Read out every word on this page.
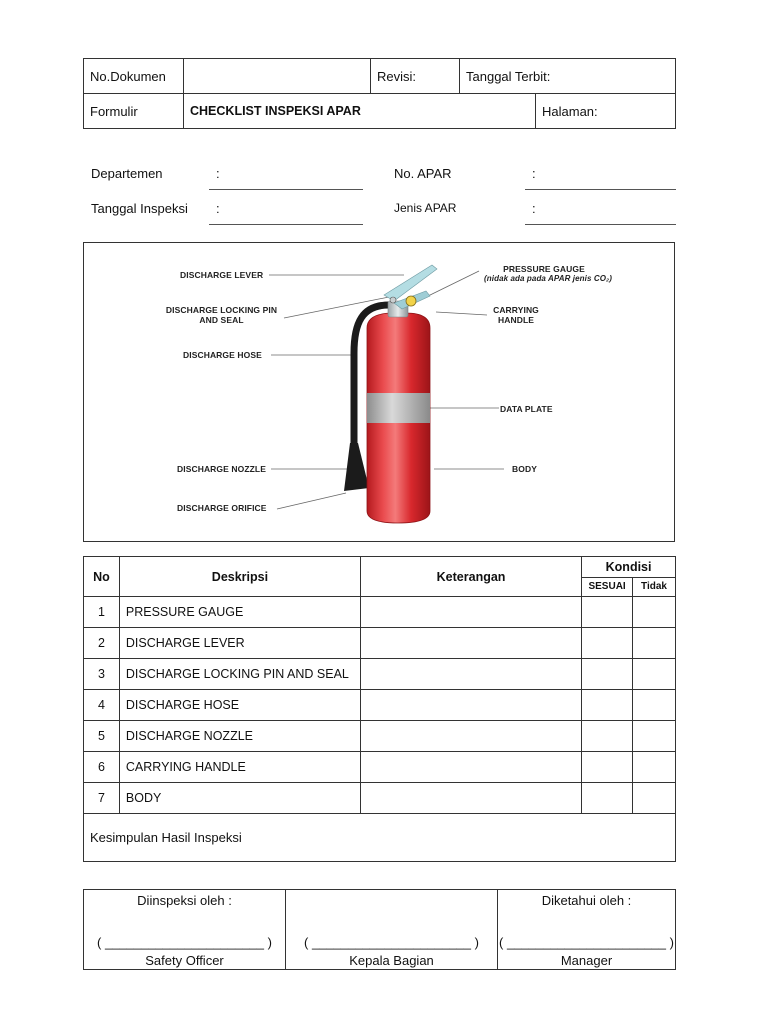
No.Dokumen		Revisi:	Tanggal Terbit:	
Formulir	CHECKLIST INSPEKSI APAR			Halaman:
Departemen	:
Tanggal Inspeksi :
No. APAR	:
Jenis APAR	:
DISCHARGE LEVER
DISCHARGE LOCKING PIN
AND SEAL
DISCHARGE HOSE
DISCHARGE NOZZLE
DISCHARGE ORIFICE
PRESSURE GAUGE
(nidak ada pada APAR jenis CO₂)
CARRYING
HANDLE
DATA PLATE
BODY
No	Deskripsi	Keterangan	Kondisi	
			SESUAI	Tidak
1	PRESSURE GAUGE			
2	DISCHARGE LEVER			
3	DISCHARGE LOCKING PIN AND SEAL			
4	DISCHARGE HOSE			
5	DISCHARGE NOZZLE			
6	CARRYING HANDLE			
7	BODY			
Kesimpulan Hasil Inspeksi				
Diinspeksi oleh :
( ______________________ )
Safety Officer

( ______________________ )
Kepala Bagian

Diketahui oleh :
( ______________________ )
Manager
